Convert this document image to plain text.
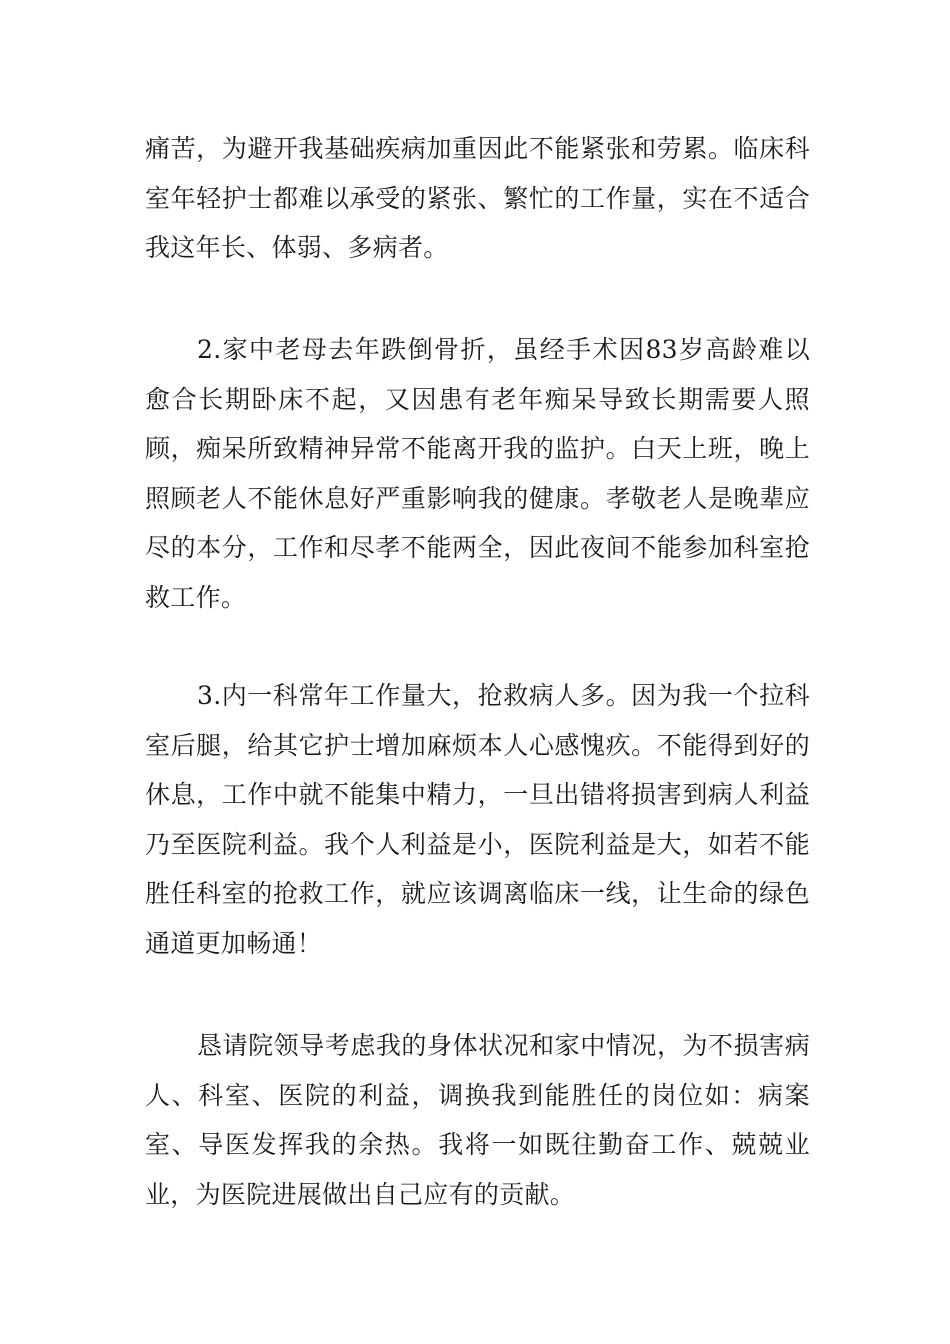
痛苦，为避开我基础疾病加重因此不能紧张和劳累。临床科室年轻护士都难以承受的紧张、繁忙的工作量，实在不适合我这年长、体弱、多病者。

2.家中老母去年跌倒骨折，虽经手术因83岁高龄难以愈合长期卧床不起，又因患有老年痴呆导致长期需要人照顾，痴呆所致精神异常不能离开我的监护。白天上班，晚上照顾老人不能休息好严重影响我的健康。孝敬老人是晚辈应尽的本分，工作和尽孝不能两全，因此夜间不能参加科室抢救工作。

3.内一科常年工作量大，抢救病人多。因为我一个拉科室后腿，给其它护士增加麻烦本人心感愧疚。不能得到好的休息，工作中就不能集中精力，一旦出错将损害到病人利益乃至医院利益。我个人利益是小，医院利益是大，如若不能胜任科室的抢救工作，就应该调离临床一线，让生命的绿色通道更加畅通！

恳请院领导考虑我的身体状况和家中情况，为不损害病人、科室、医院的利益，调换我到能胜任的岗位如：病案室、导医发挥我的余热。我将一如既往勤奋工作、兢兢业业，为医院进展做出自己应有的贡献。
